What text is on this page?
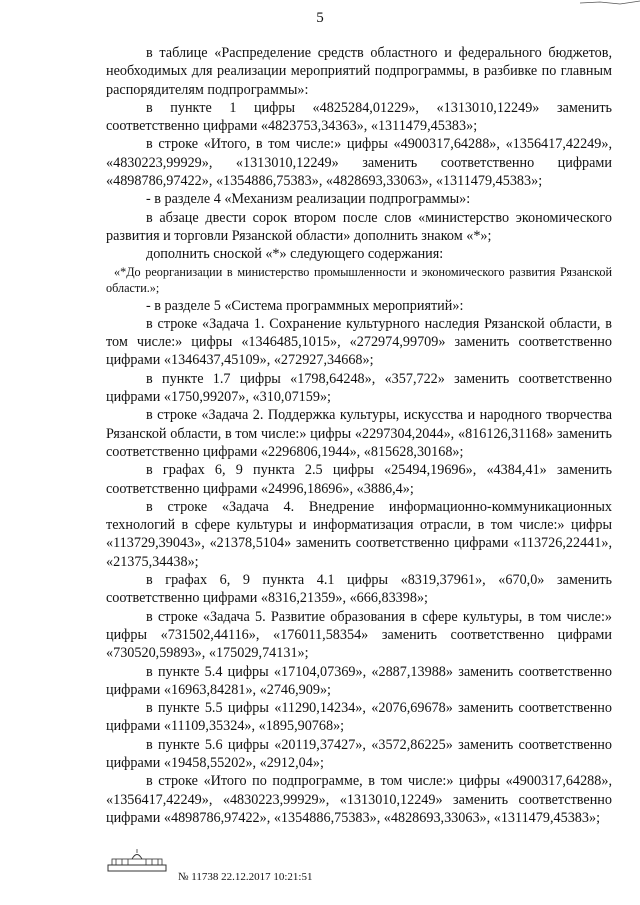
5

в таблице «Распределение средств областного и федерального бюджетов, необходимых для реализации мероприятий подпрограммы, в разбивке по главным распорядителям подпрограммы»:

в пункте 1 цифры «4825284,01229», «1313010,12249» заменить соответственно цифрами «4823753,34363», «1311479,45383»;

в строке «Итого, в том числе:» цифры «4900317,64288», «1356417,42249», «4830223,99929», «1313010,12249» заменить соответственно цифрами «4898786,97422», «1354886,75383», «4828693,33063», «1311479,45383»;

- в разделе 4 «Механизм реализации подпрограммы»:

в абзаце двести сорок втором после слов «министерство экономического развития и торговли Рязанской области» дополнить знаком «*»;

дополнить сноской «*» следующего содержания:

«*До реорганизации в министерство промышленности и экономического развития Рязанской области.»;

- в разделе 5 «Система программных мероприятий»:

в строке «Задача 1. Сохранение культурного наследия Рязанской области, в том числе:» цифры «1346485,1015», «272974,99709» заменить соответственно цифрами «1346437,45109», «272927,34668»;

в пункте 1.7 цифры «1798,64248», «357,722» заменить соответственно цифрами «1750,99207», «310,07159»;

в строке «Задача 2. Поддержка культуры, искусства и народного творчества Рязанской области, в том числе:» цифры «2297304,2044», «816126,31168» заменить соответственно цифрами «2296806,1944», «815628,30168»;

в графах 6, 9 пункта 2.5 цифры «25494,19696», «4384,41» заменить соответственно цифрами «24996,18696», «3886,4»;

в строке «Задача 4. Внедрение информационно-коммуникационных технологий в сфере культуры и информатизация отрасли, в том числе:» цифры «113729,39043», «21378,5104» заменить соответственно цифрами «113726,22441», «21375,34438»;

в графах 6, 9 пункта 4.1 цифры «8319,37961», «670,0» заменить соответственно цифрами «8316,21359», «666,83398»;

в строке «Задача 5. Развитие образования в сфере культуры, в том числе:» цифры «731502,44116», «176011,58354» заменить соответственно цифрами «730520,59893», «175029,74131»;

в пункте 5.4 цифры «17104,07369», «2887,13988» заменить соответственно цифрами «16963,84281», «2746,909»;

в пункте 5.5 цифры «11290,14234», «2076,69678» заменить соответственно цифрами «11109,35324», «1895,90768»;

в пункте 5.6 цифры «20119,37427», «3572,86225» заменить соответственно цифрами «19458,55202», «2912,04»;

в строке «Итого по подпрограмме, в том числе:» цифры «4900317,64288», «1356417,42249», «4830223,99929», «1313010,12249» заменить соответственно цифрами «4898786,97422», «1354886,75383», «4828693,33063», «1311479,45383»;

№ 11738 22.12.2017 10:21:51
